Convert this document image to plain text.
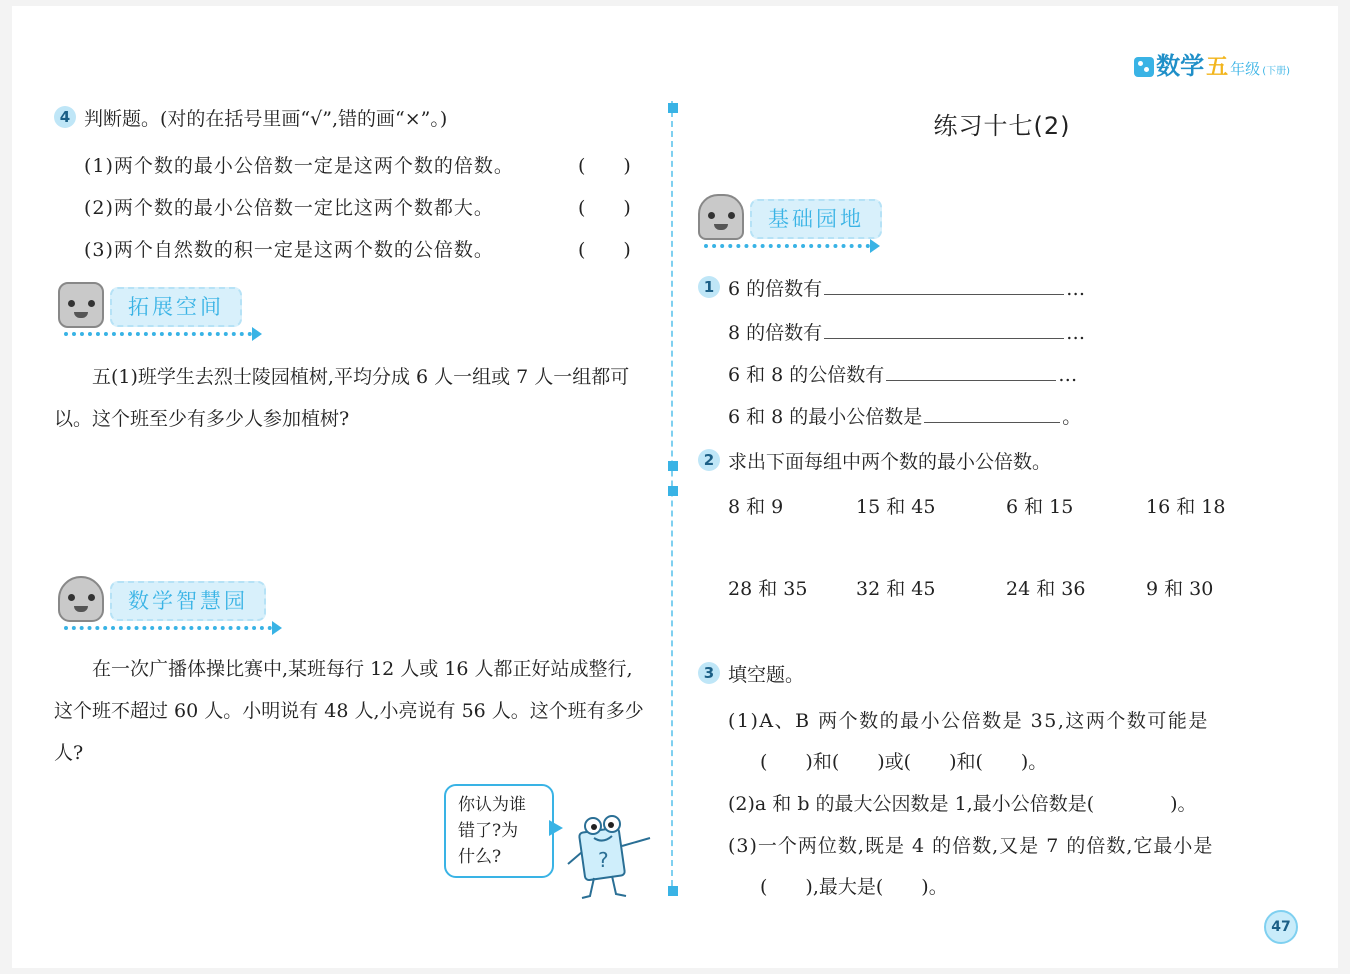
数学 五 年级 (下册)
4 判断题。(对的在括号里画“√”,错的画“×”。)
(1)两个数的最小公倍数一定是这两个数的倍数。	(　　)
(2)两个数的最小公倍数一定比这两个数都大。	(　　)
(3)两个自然数的积一定是这两个数的公倍数。	(　　)
拓展空间
五(1)班学生去烈士陵园植树,平均分成 6 人一组或 7 人一组都可以。这个班至少有多少人参加植树?
数学智慧园
在一次广播体操比赛中,某班每行 12 人或 16 人都正好站成整行,这个班不超过 60 人。小明说有 48 人,小亮说有 56 人。这个班有多少人?
你认为谁
错了?为
什么?	?
练习十七(2)
基础园地
1 6 的倍数有	…
8 的倍数有	…
6 和 8 的公倍数有	…
6 和 8 的最小公倍数是	。
2 求出下面每组中两个数的最小公倍数。
8 和 9	15 和 45	6 和 15	16 和 18
28 和 35	32 和 45	24 和 36	9 和 30
3 填空题。
(1)A、B 两个数的最小公倍数是 35,这两个数可能是
(　　)和(　　)或(　　)和(　　)。
(2)a 和 b 的最大公因数是 1,最小公倍数是(　　　　)。
(3)一个两位数,既是 4 的倍数,又是 7 的倍数,它最小是
(　　),最大是(　　)。
47
